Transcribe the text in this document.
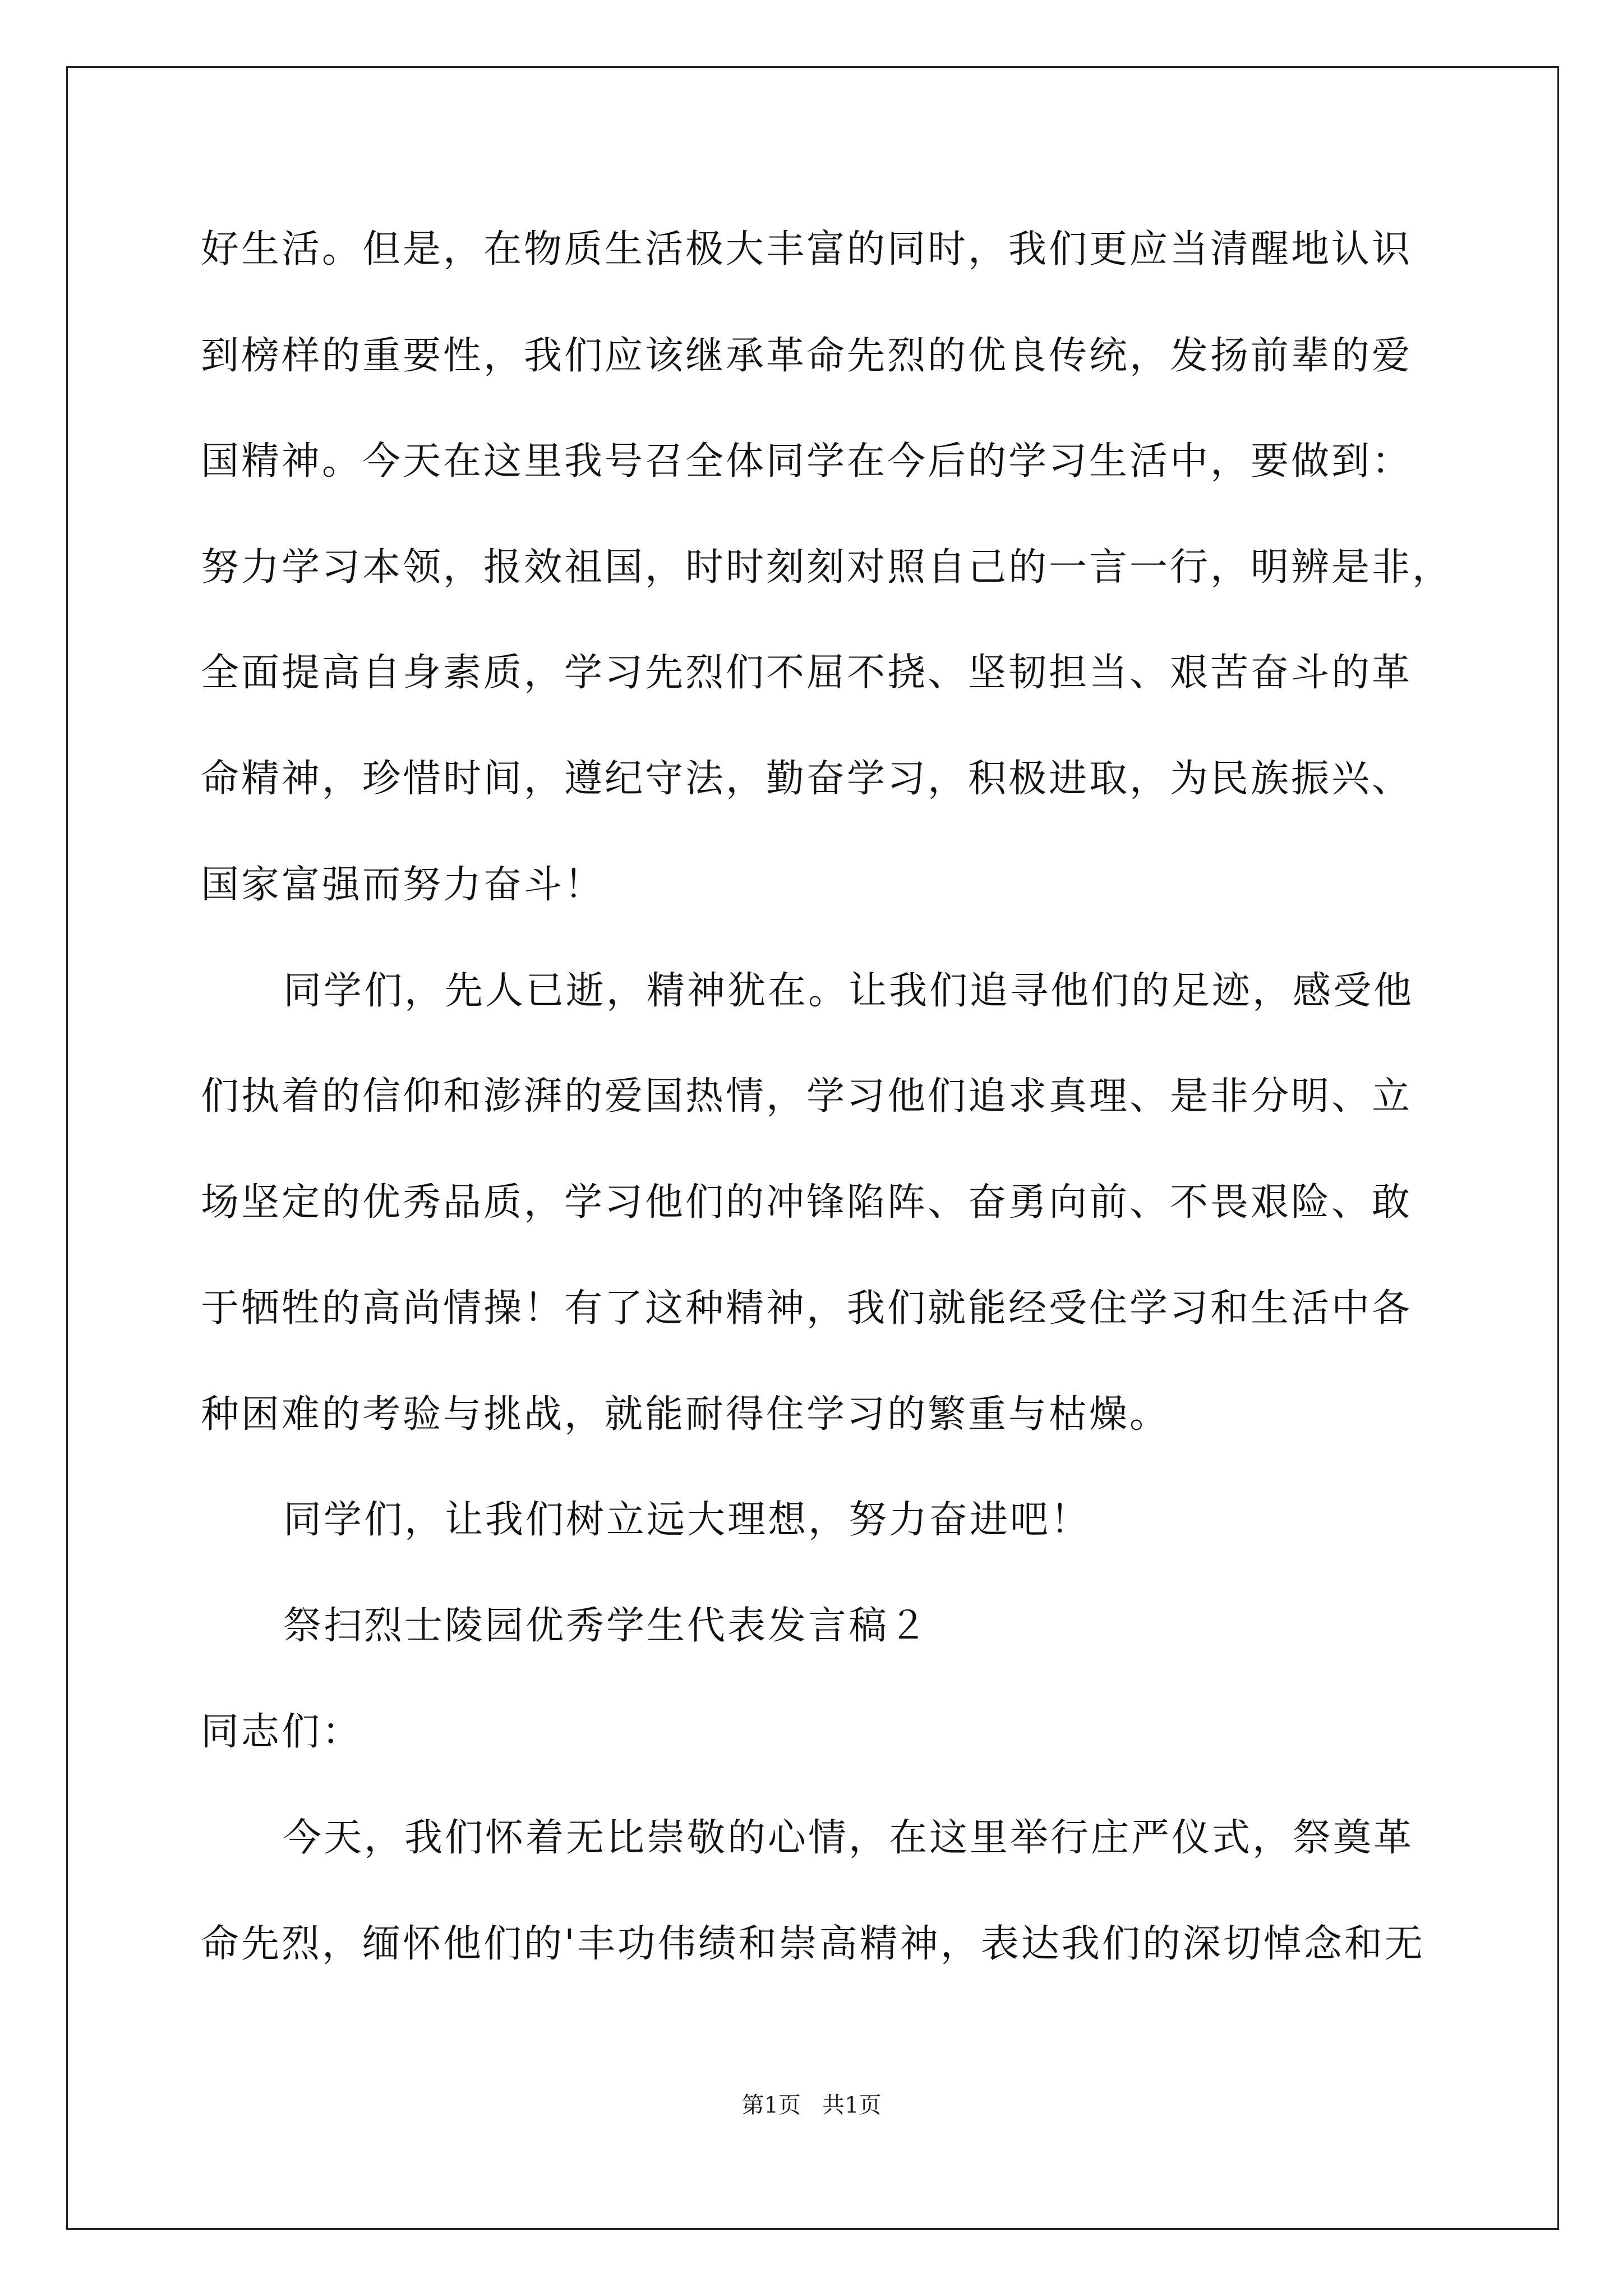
好生活。但是，在物质生活极大丰富的同时，我们更应当清醒地认识
到榜样的重要性，我们应该继承革命先烈的优良传统，发扬前辈的爱
国精神。今天在这里我号召全体同学在今后的学习生活中，要做到：
努力学习本领，报效祖国，时时刻刻对照自己的一言一行，明辨是非，
全面提高自身素质，学习先烈们不屈不挠、坚韧担当、艰苦奋斗的革
命精神，珍惜时间，遵纪守法，勤奋学习，积极进取，为民族振兴、
国家富强而努力奋斗！
同学们，先人已逝，精神犹在。让我们追寻他们的足迹，感受他
们执着的信仰和澎湃的爱国热情，学习他们追求真理、是非分明、立
场坚定的优秀品质，学习他们的冲锋陷阵、奋勇向前、不畏艰险、敢
于牺牲的高尚情操！有了这种精神，我们就能经受住学习和生活中各
种困难的考验与挑战，就能耐得住学习的繁重与枯燥。
同学们，让我们树立远大理想，努力奋进吧！
祭扫烈士陵园优秀学生代表发言稿２
同志们：
今天，我们怀着无比崇敬的心情，在这里举行庄严仪式，祭奠革
命先烈，缅怀他们的'丰功伟绩和崇高精神，表达我们的深切悼念和无
第1页   共1页
